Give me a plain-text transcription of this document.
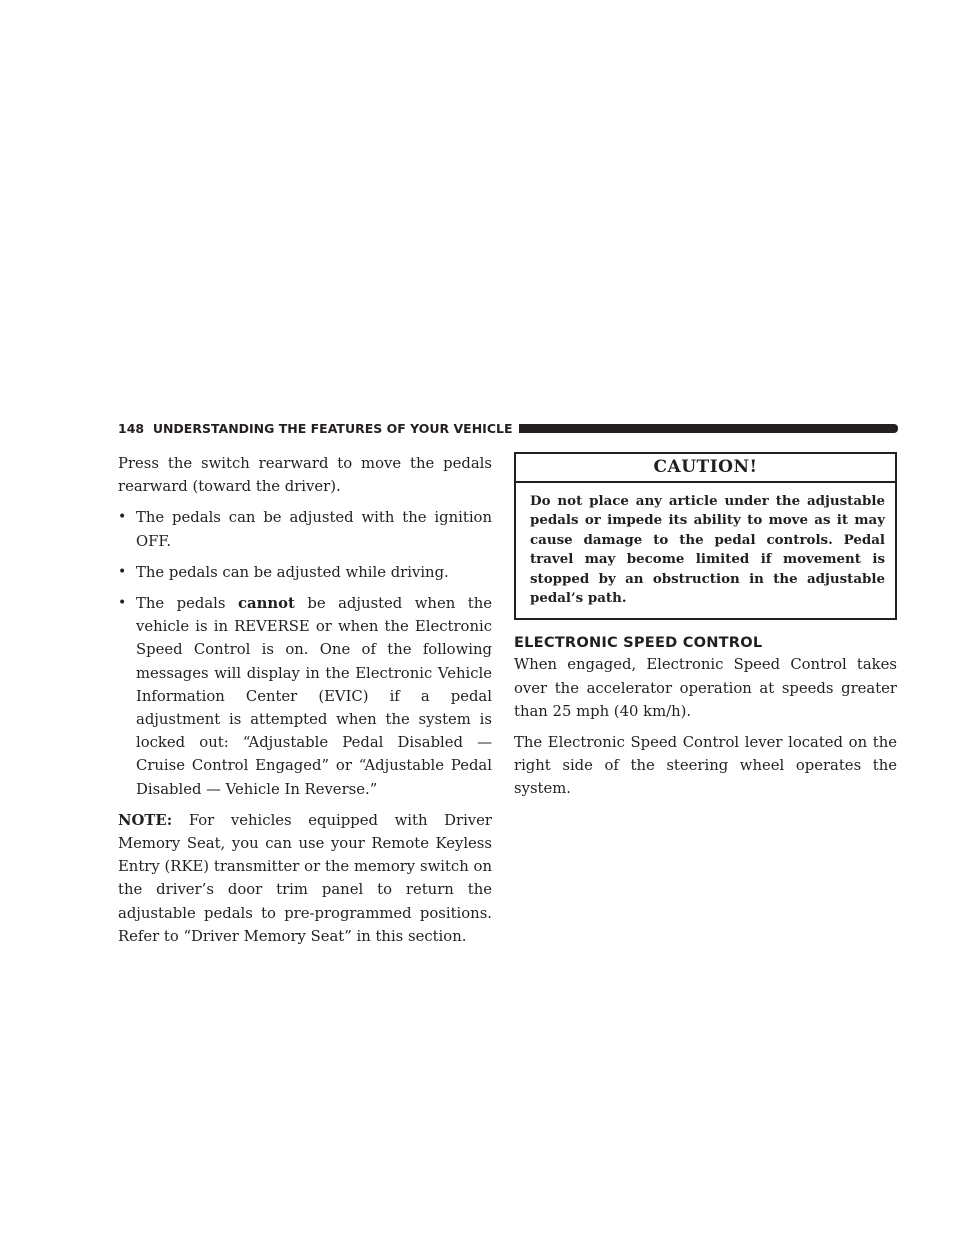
148 UNDERSTANDING THE FEATURES OF YOUR VEHICLE

Press the switch rearward to move the pedals rearward (toward the driver).

• The pedals can be adjusted with the ignition OFF.
• The pedals can be adjusted while driving.
• The pedals cannot be adjusted when the vehicle is in REVERSE or when the Electronic Speed Control is on. One of the following messages will display in the Electronic Vehicle Information Center (EVIC) if a pedal adjustment is attempted when the system is locked out: “Adjustable Pedal Disabled — Cruise Control Engaged” or “Adjustable Pedal Disabled — Vehicle In Reverse.”

NOTE: For vehicles equipped with Driver Memory Seat, you can use your Remote Keyless Entry (RKE) transmitter or the memory switch on the driver’s door trim panel to return the adjustable pedals to pre-programmed positions. Refer to “Driver Memory Seat” in this section.

CAUTION!
Do not place any article under the adjustable pedals or impede its ability to move as it may cause damage to the pedal controls. Pedal travel may become limited if movement is stopped by an obstruction in the adjustable pedal’s path.
ELECTRONIC SPEED CONTROL

When engaged, Electronic Speed Control takes over the accelerator operation at speeds greater than 25 mph (40 km/h).

The Electronic Speed Control lever located on the right side of the steering wheel operates the system.
